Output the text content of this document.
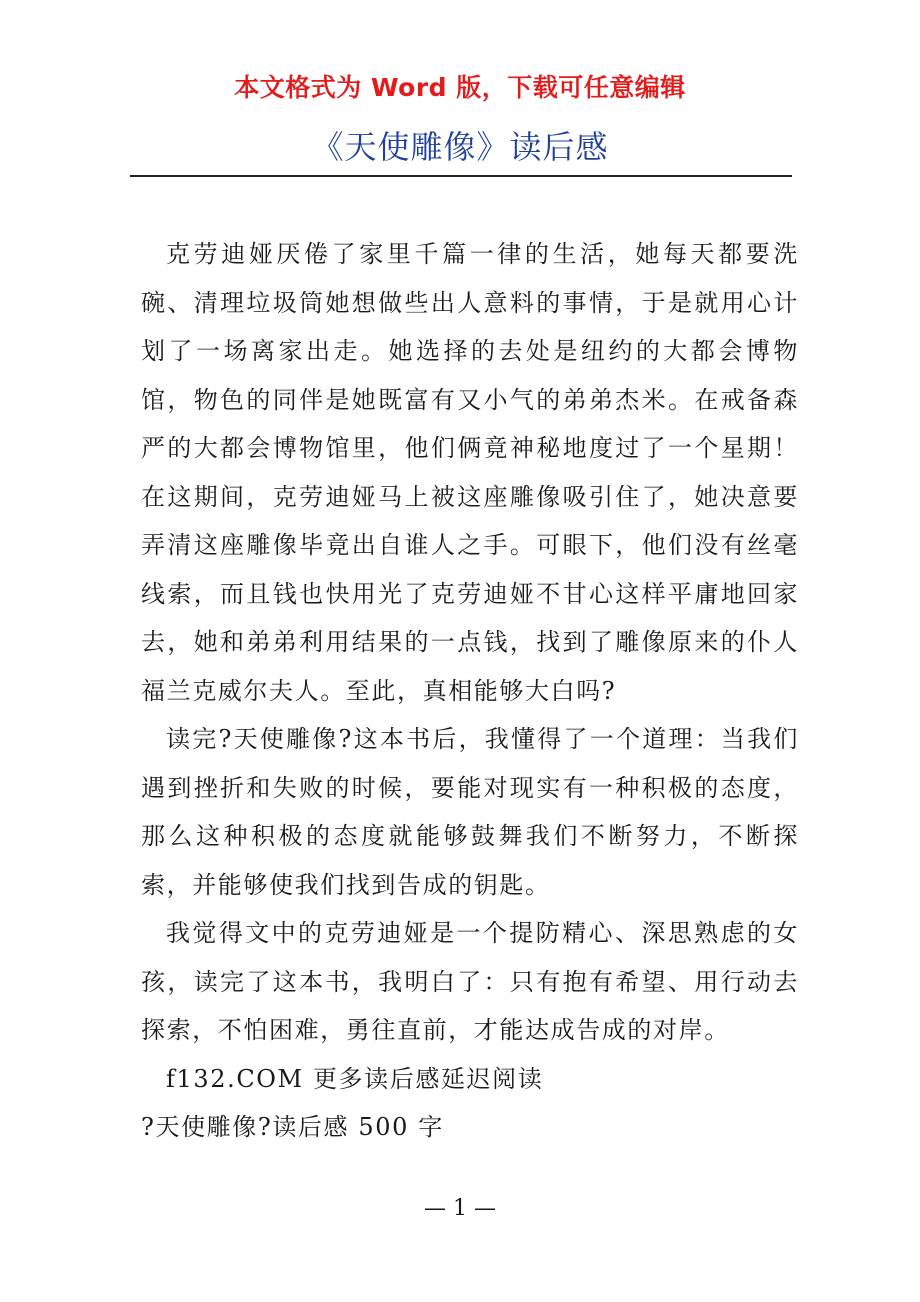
本文格式为 Word 版，下载可任意编辑
《天使雕像》读后感

克劳迪娅厌倦了家里千篇一律的生活，她每天都要洗碗、清理垃圾筒她想做些出人意料的事情，于是就用心计划了一场离家出走。她选择的去处是纽约的大都会博物馆，物色的同伴是她既富有又小气的弟弟杰米。在戒备森严的大都会博物馆里，他们俩竟神秘地度过了一个星期！在这期间，克劳迪娅马上被这座雕像吸引住了，她决意要弄清这座雕像毕竟出自谁人之手。可眼下，他们没有丝毫线索，而且钱也快用光了克劳迪娅不甘心这样平庸地回家去，她和弟弟利用结果的一点钱，找到了雕像原来的仆人福兰克威尔夫人。至此，真相能够大白吗?

读完?天使雕像?这本书后，我懂得了一个道理：当我们遇到挫折和失败的时候，要能对现实有一种积极的态度，那么这种积极的态度就能够鼓舞我们不断努力，不断探索，并能够使我们找到告成的钥匙。

我觉得文中的克劳迪娅是一个提防精心、深思熟虑的女孩，读完了这本书，我明白了：只有抱有希望、用行动去探索，不怕困难，勇往直前，才能达成告成的对岸。

f132.COM 更多读后感延迟阅读

?天使雕像?读后感 500 字

— 1 —
